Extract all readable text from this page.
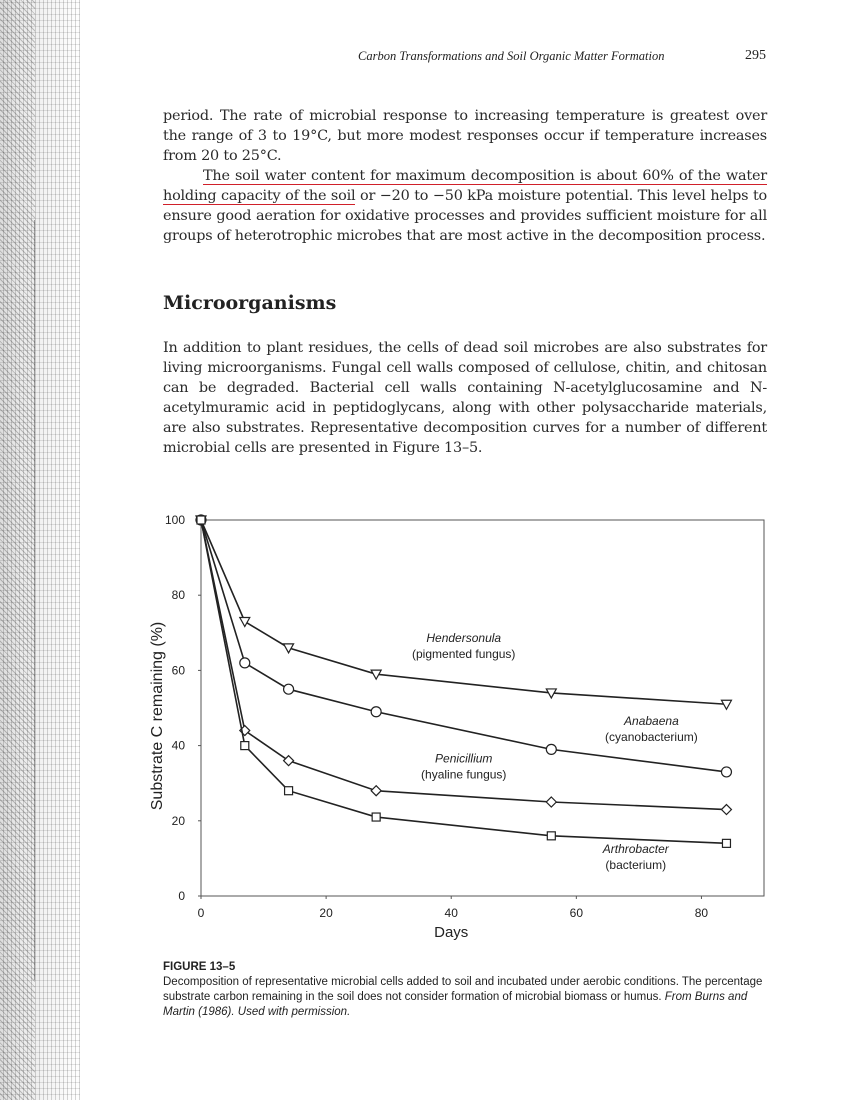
Carbon Transformations and Soil Organic Matter Formation	295
period. The rate of microbial response to increasing temperature is greatest over the range of 3 to 19°C, but more modest responses occur if temperature increases from 20 to 25°C.
The soil water content for maximum decomposition is about 60% of the water holding capacity of the soil or −20 to −50 kPa moisture potential. This level helps to ensure good aeration for oxidative processes and provides sufficient moisture for all groups of heterotrophic microbes that are most active in the decomposition process.
Microorganisms
In addition to plant residues, the cells of dead soil microbes are also substrates for living microorganisms. Fungal cell walls composed of cellulose, chitin, and chitosan can be degraded. Bacterial cell walls containing N-acetylglucosamine and N-acetylmuramic acid in peptidoglycans, along with other polysaccharide materials, are also substrates. Representative decomposition curves for a number of different microbial cells are presented in Figure 13–5.
0
20
40
60
80
100
0	20	40	60	80
Days
Substrate C remaining (%)	Hendersonula
(pigmented fungus)
Anabaena
(cyanobacterium)
Penicillium
(hyaline fungus)
Arthrobacter
(bacterium)
FIGURE 13–5
Decomposition of representative microbial cells added to soil and incubated under aerobic conditions. The percentage substrate carbon remaining in the soil does not consider formation of microbial biomass or humus. From Burns and Martin (1986). Used with permission.
